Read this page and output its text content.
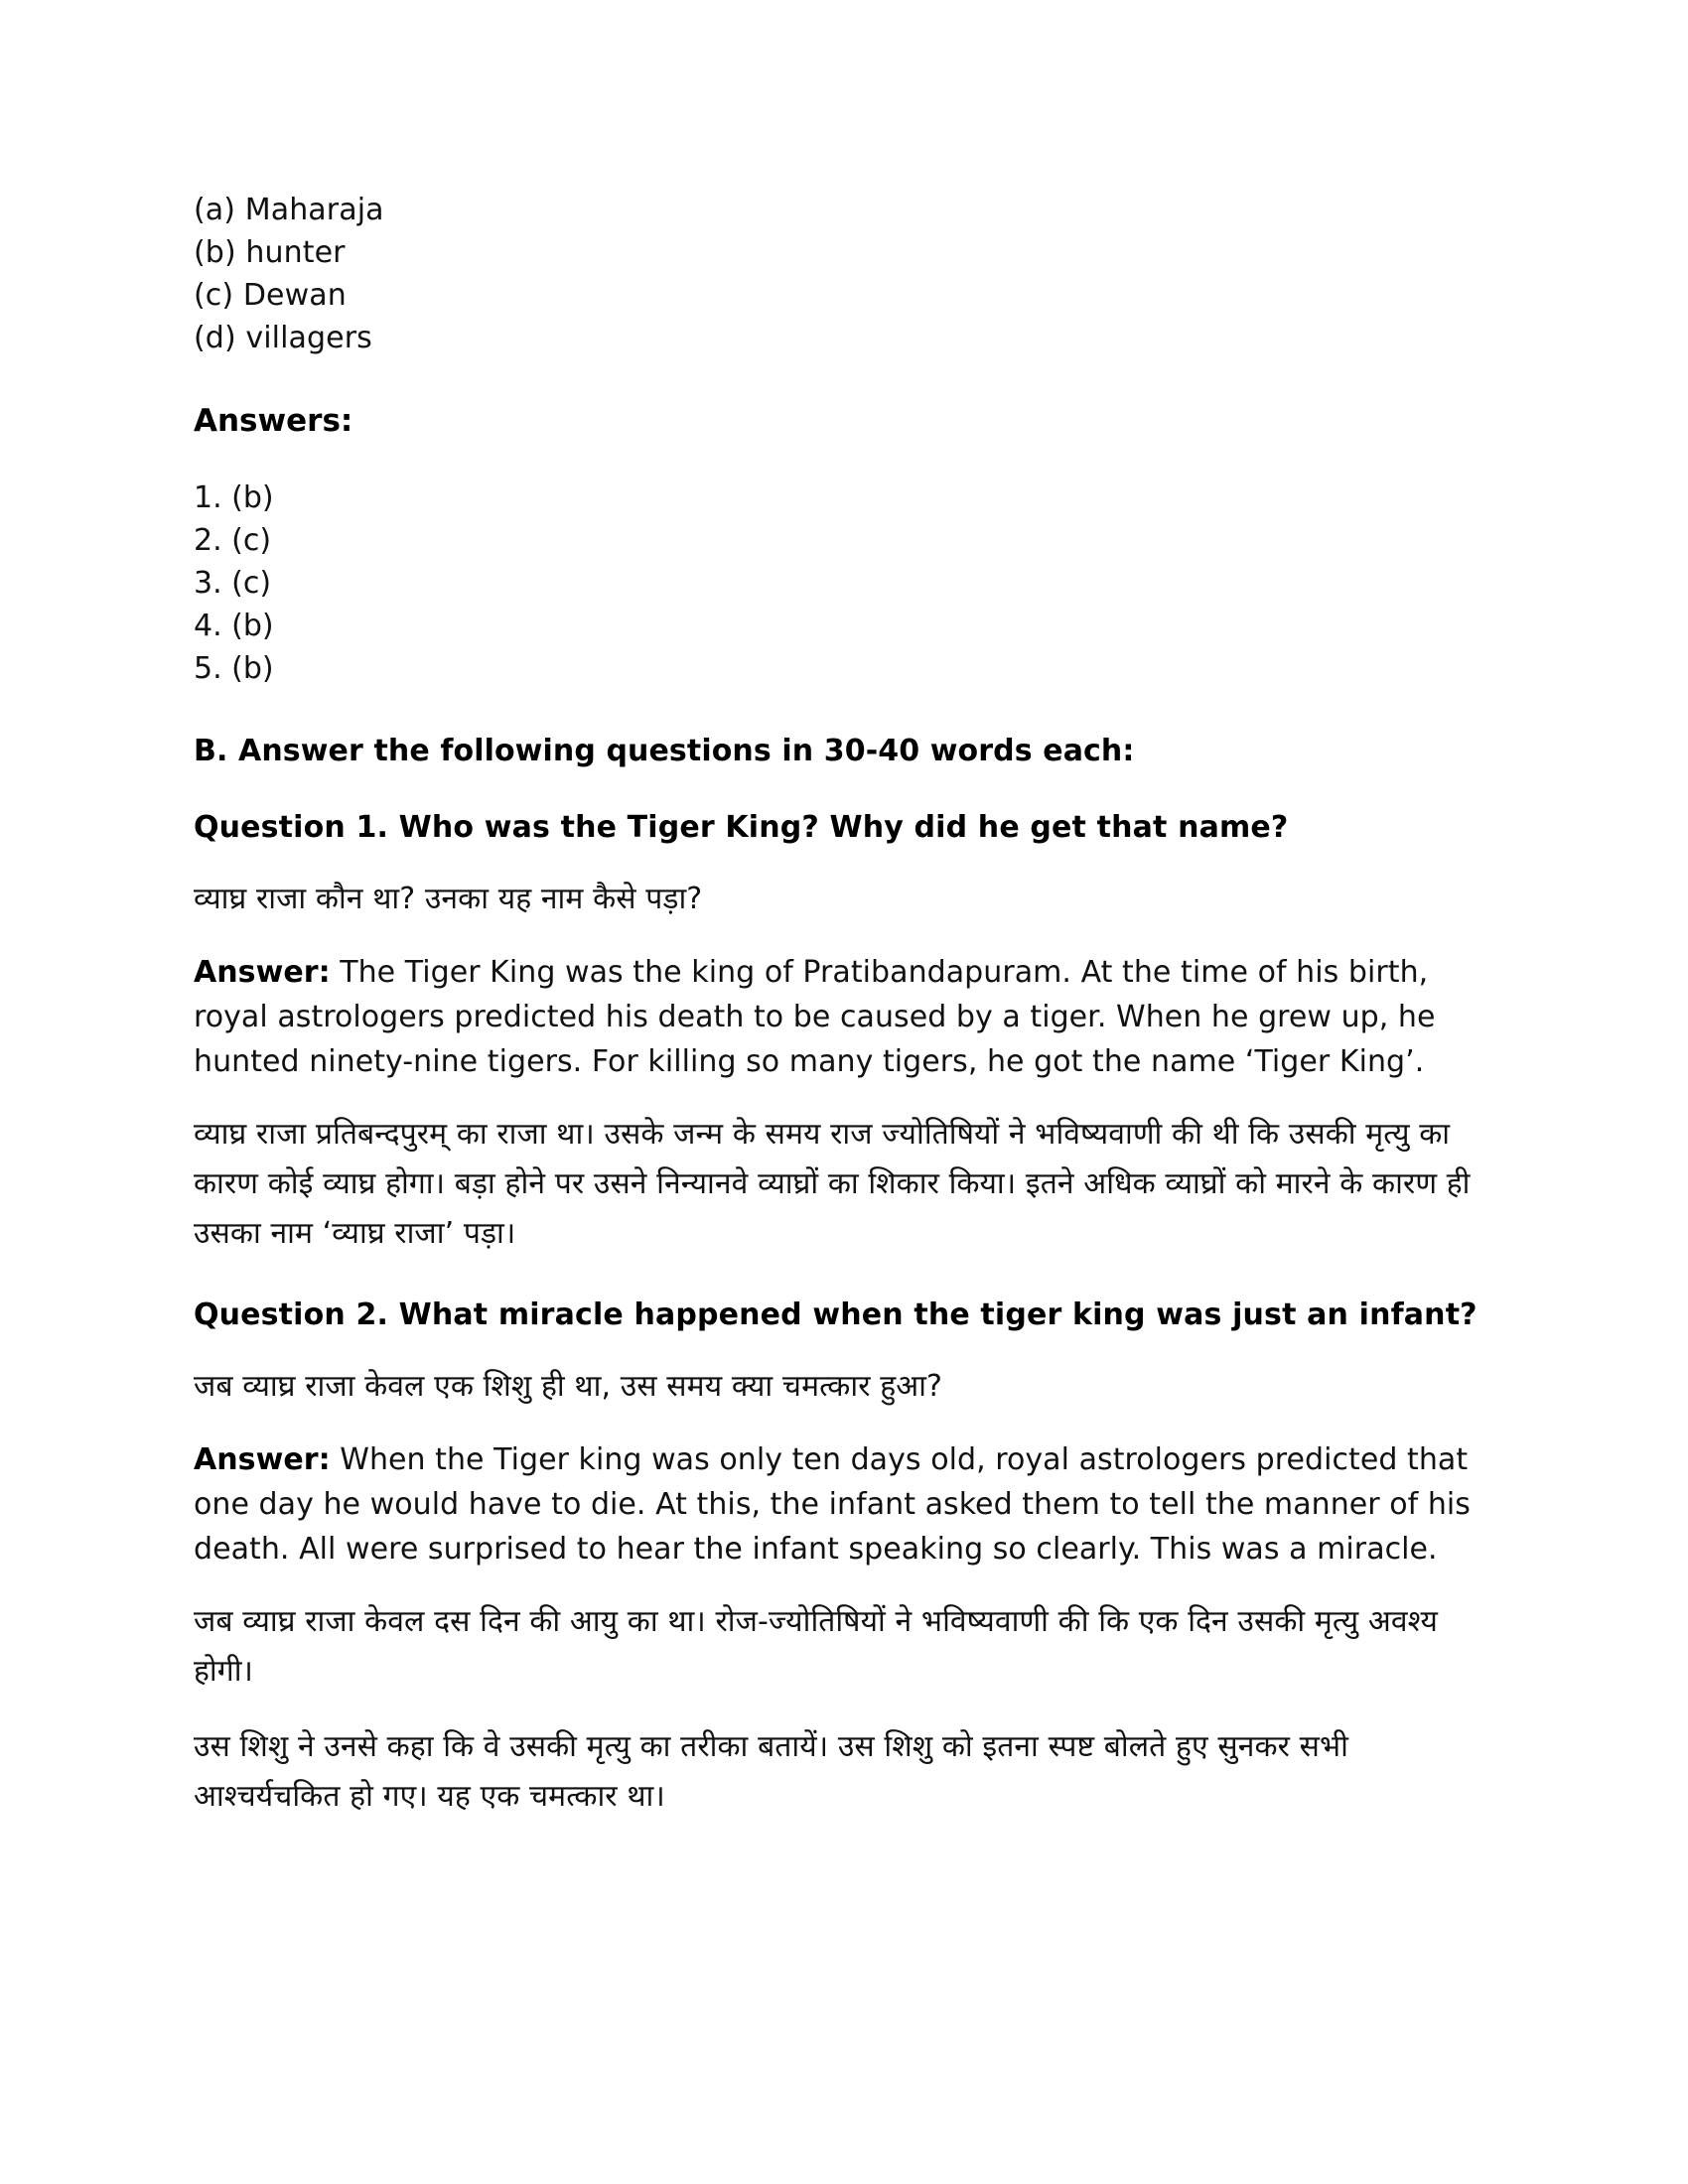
(a) Maharaja
(b) hunter
(c) Dewan
(d) villagers
Answers:
1. (b)
2. (c)
3. (c)
4. (b)
5. (b)
B. Answer the following questions in 30-40 words each:
Question 1. Who was the Tiger King? Why did he get that name?
व्याघ्र राजा कौन था? उनका यह नाम कैसे पड़ा?
Answer: The Tiger King was the king of Pratibandapuram. At the time of his birth, royal astrologers predicted his death to be caused by a tiger. When he grew up, he hunted ninety-nine tigers. For killing so many tigers, he got the name ‘Tiger King’.
व्याघ्र राजा प्रतिबन्दपुरम् का राजा था। उसके जन्म के समय राज ज्योतिषियों ने भविष्यवाणी की थी कि उसकी मृत्यु का कारण कोई व्याघ्र होगा। बड़ा होने पर उसने निन्यानवे व्याघ्रों का शिकार किया। इतने अधिक व्याघ्रों को मारने के कारण ही उसका नाम ‘व्याघ्र राजा’ पड़ा।
Question 2. What miracle happened when the tiger king was just an infant?
जब व्याघ्र राजा केवल एक शिशु ही था, उस समय क्या चमत्कार हुआ?
Answer: When the Tiger king was only ten days old, royal astrologers predicted that one day he would have to die. At this, the infant asked them to tell the manner of his death. All were surprised to hear the infant speaking so clearly. This was a miracle.
जब व्याघ्र राजा केवल दस दिन की आयु का था। रोज-ज्योतिषियों ने भविष्यवाणी की कि एक दिन उसकी मृत्यु अवश्य होगी।
उस शिशु ने उनसे कहा कि वे उसकी मृत्यु का तरीका बतायें। उस शिशु को इतना स्पष्ट बोलते हुए सुनकर सभी आश्चर्यचकित हो गए। यह एक चमत्कार था।
